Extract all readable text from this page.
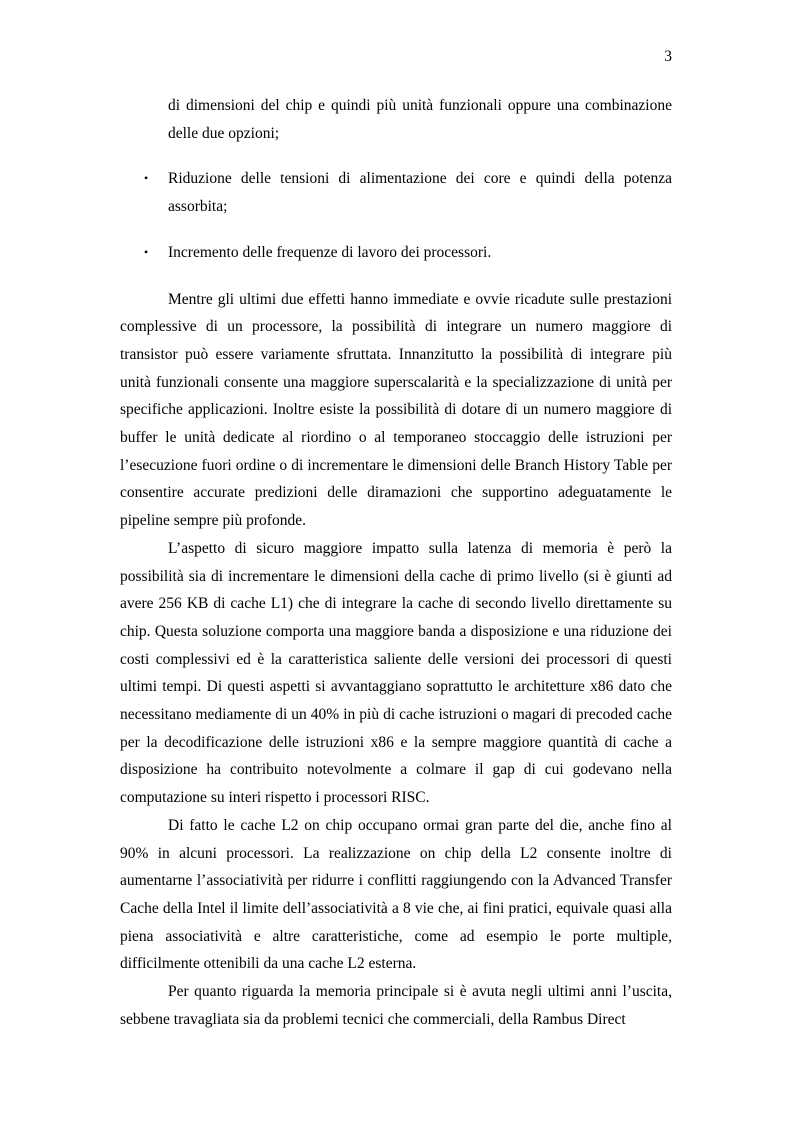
3

di dimensioni del chip e quindi più unità funzionali oppure una combinazione delle due opzioni;

• Riduzione delle tensioni di alimentazione dei core e quindi della potenza assorbita;
• Incremento delle frequenze di lavoro dei processori.

Mentre gli ultimi due effetti hanno immediate e ovvie ricadute sulle prestazioni complessive di un processore, la possibilità di integrare un numero maggiore di transistor può essere variamente sfruttata. Innanzitutto la possibilità di integrare più unità funzionali consente una maggiore superscalarità e la specializzazione di unità per specifiche applicazioni. Inoltre esiste la possibilità di dotare di un numero maggiore di buffer le unità dedicate al riordino o al temporaneo stoccaggio delle istruzioni per l’esecuzione fuori ordine o di incrementare le dimensioni delle Branch History Table per consentire accurate predizioni delle diramazioni che supportino adeguatamente le pipeline sempre più profonde.

L’aspetto di sicuro maggiore impatto sulla latenza di memoria è però la possibilità sia di incrementare le dimensioni della cache di primo livello (si è giunti ad avere 256 KB di cache L1) che di integrare la cache di secondo livello direttamente su chip. Questa soluzione comporta una maggiore banda a disposizione e una riduzione dei costi complessivi ed è la caratteristica saliente delle versioni dei processori di questi ultimi tempi. Di questi aspetti si avvantaggiano soprattutto le architetture x86 dato che necessitano mediamente di un 40% in più di cache istruzioni o magari di precoded cache per la decodificazione delle istruzioni x86 e la sempre maggiore quantità di cache a disposizione ha contribuito notevolmente a colmare il gap di cui godevano nella computazione su interi rispetto i processori RISC.

Di fatto le cache L2 on chip occupano ormai gran parte del die, anche fino al 90% in alcuni processori. La realizzazione on chip della L2 consente inoltre di aumentarne l’associatività per ridurre i conflitti raggiungendo con la Advanced Transfer Cache della Intel il limite dell’associatività a 8 vie che, ai fini pratici, equivale quasi alla piena associatività e altre caratteristiche, come ad esempio le porte multiple, difficilmente ottenibili da una cache L2 esterna.

Per quanto riguarda la memoria principale si è avuta negli ultimi anni l’uscita, sebbene travagliata sia da problemi tecnici che commerciali, della Rambus Direct
